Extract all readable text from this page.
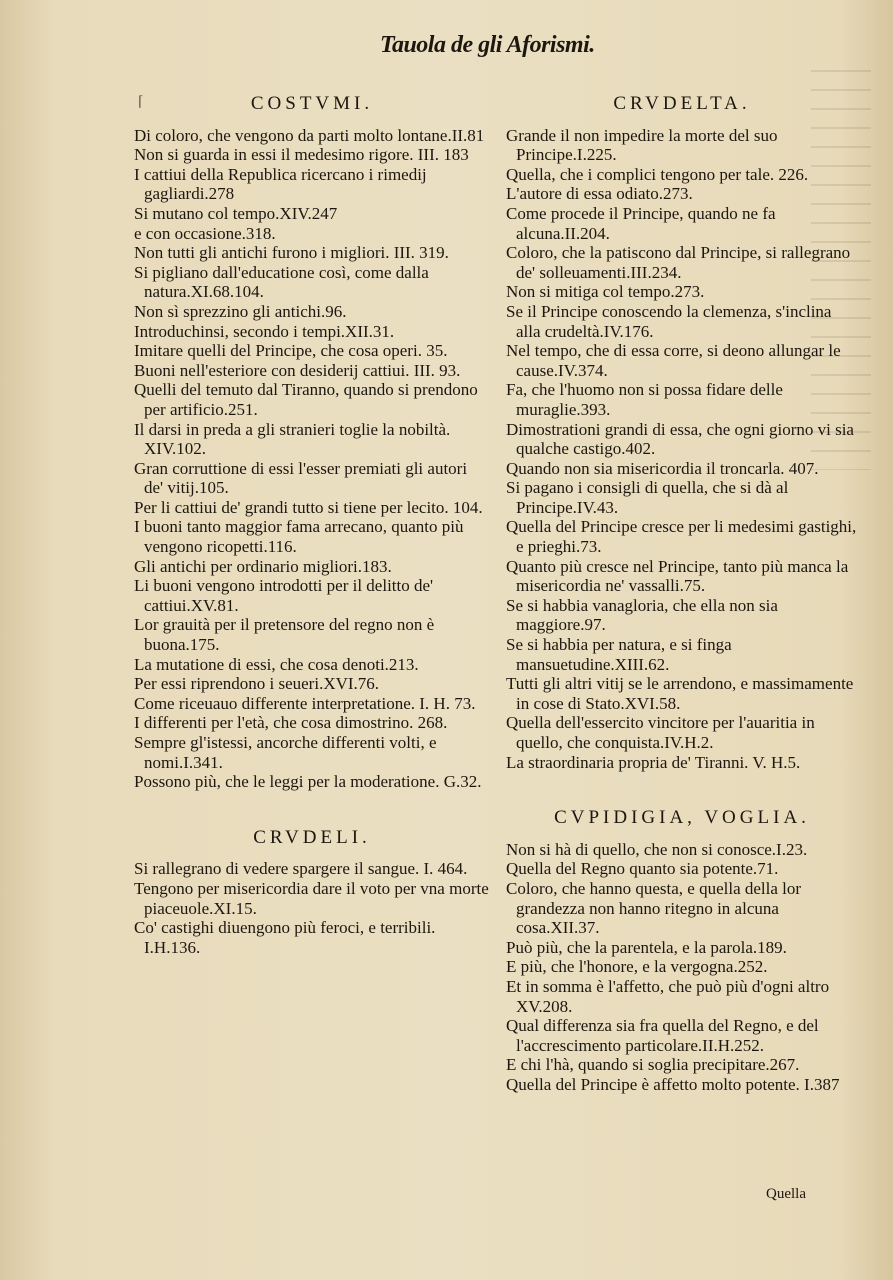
Tauola de gli Aforismi.
⌈	COSTVMI.

Di coloro, che vengono da parti molto lontane.II.81

Non si guarda in essi il medesimo rigore. III. 183

I cattiui della Republica ricercano i rimedij gagliardi.278

Si mutano col tempo.XIV.247

e con occasione.318.

Non tutti gli antichi furono i migliori. III. 319.

Si pigliano dall'educatione così, come dalla natura.XI.68.104.

Non sì sprezzino gli antichi.96.

Introduchinsi, secondo i tempi.XII.31.

Imitare quelli del Principe, che cosa operi. 35.

Buoni nell'esteriore con desiderij cattiui. III. 93.

Quelli del temuto dal Tiranno, quando si prendono per artificio.251.

Il darsi in preda a gli stranieri toglie la nobiltà. XIV.102.

Gran corruttione di essi l'esser premiati gli autori de' vitij.105.

Per li cattiui de' grandi tutto si tiene per lecito. 104.

I buoni tanto maggior fama arrecano, quanto più vengono ricopetti.116.

Gli antichi per ordinario migliori.183.

Li buoni vengono introdotti per il delitto de' cattiui.XV.81.

Lor grauità per il pretensore del regno non è buona.175.

La mutatione di essi, che cosa denoti.213.

Per essi riprendono i seueri.XVI.76.

Come riceuauo differente interpretatione. I. H. 73.

I differenti per l'età, che cosa dimostrino. 268.

Sempre gl'istessi, ancorche differenti volti, e nomi.I.341.

Possono più, che le leggi per la moderatione. G.32.

CRVDELI.

Si rallegrano di vedere spargere il sangue. I. 464.

Tengono per misericordia dare il voto per vna morte piaceuole.XI.15.

Co' castighi diuengono più feroci, e terribili. I.H.136.

CRVDELTA.

Grande il non impedire la morte del suo Principe.I.225.

Quella, che i complici tengono per tale. 226.

L'autore di essa odiato.273.

Come procede il Principe, quando ne fa alcuna.II.204.

Coloro, che la patiscono dal Principe, si rallegrano de' solleuamenti.III.234.

Non si mitiga col tempo.273.

Se il Principe conoscendo la clemenza, s'inclina alla crudeltà.IV.176.

Nel tempo, che di essa corre, si deono allungar le cause.IV.374.

Fa, che l'huomo non si possa fidare delle muraglie.393.

Dimostrationi grandi di essa, che ogni giorno vi sia qualche castigo.402.

Quando non sia misericordia il troncarla. 407.

Si pagano i consigli di quella, che si dà al Principe.IV.43.

Quella del Principe cresce per li medesimi gastighi, e prieghi.73.

Quanto più cresce nel Principe, tanto più manca la misericordia ne' vassalli.75.

Se si habbia vanagloria, che ella non sia maggiore.97.

Se si habbia per natura, e si finga mansuetudine.XIII.62.

Tutti gli altri vitij se le arrendono, e massimamente in cose di Stato.XVI.58.

Quella dell'essercito vincitore per l'auaritia in quello, che conquista.IV.H.2.

La straordinaria propria de' Tiranni. V. H.5.

CVPIDIGIA, VOGLIA.

Non si hà di quello, che non si conosce.I.23.

Quella del Regno quanto sia potente.71.

Coloro, che hanno questa, e quella della lor grandezza non hanno ritegno in alcuna cosa.XII.37.

Può più, che la parentela, e la parola.189.

E più, che l'honore, e la vergogna.252.

Et in somma è l'affetto, che può più d'ogni altro XV.208.

Qual differenza sia fra quella del Regno, e del l'accrescimento particolare.II.H.252.

E chi l'hà, quando si soglia precipitare.267.

Quella del Principe è affetto molto potente. I.387

Quella
